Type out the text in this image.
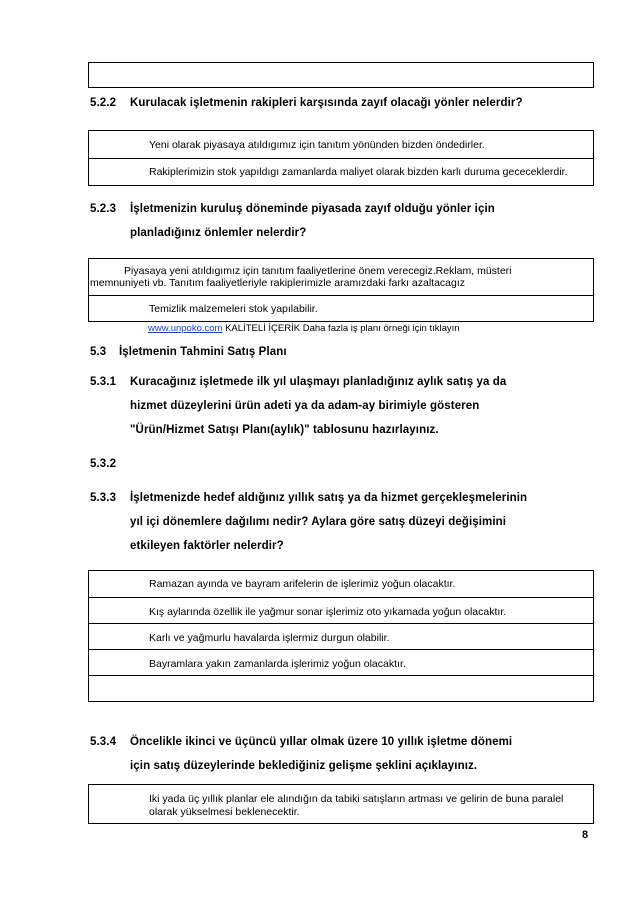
5.2.2 Kurulacak işletmenin rakipleri karşısında zayıf olacağı yönler nelerdir?
Yeni olarak piyasaya atıldıgımız için tanıtım yönünden bizden öndedirler.
Rakiplerimizin stok yapıldıgı zamanlarda maliyet olarak bizden karlı duruma gececeklerdir.
5.2.3 İşletmenizin kuruluş döneminde piyasada zayıf olduğu yönler için
planladığınız önlemler nelerdir?
Piyasaya yeni atıldıgımız için tanıtım faaliyetlerine önem verecegiz.Reklam, müsteri
memnuniyeti vb. Tanıtım faaliyetleriyle rakiplerimizle aramızdaki farkı azaltacagız
Temizlik malzemeleri stok yapılabilir.
www.unpoko.com KALİTELİ İÇERİK Daha fazla iş planı örneği için tıklayın
5.3 İşletmenin Tahmini Satış Planı
5.3.1 Kuracağınız işletmede ilk yıl ulaşmayı planladığınız aylık satış ya da
hizmet düzeylerini ürün adeti ya da adam-ay birimiyle gösteren
"Ürün/Hizmet Satışı Planı(aylık)" tablosunu hazırlayınız.
5.3.2
5.3.3 İşletmenizde hedef aldığınız yıllık satış ya da hizmet gerçekleşmelerinin
yıl içi dönemlere dağılımı nedir? Aylara göre satış düzeyi değişimini
etkileyen faktörler nelerdir?
Ramazan ayında ve bayram arifelerin de işlerimiz yoğun olacaktır.
Kış aylarında özellik ile yağmur sonar işlerimiz oto yıkamada yoğun olacaktır.
Karlı ve yağmurlu havalarda işlermiz durgun olabilir.
Bayramlara yakın zamanlarda işlerimiz yoğun olacaktır.
5.3.4 Öncelikle ikinci ve üçüncü yıllar olmak üzere 10 yıllık işletme dönemi
için satış düzeylerinde beklediğiniz gelişme şeklini açıklayınız.
Iki yada üç yıllık planlar ele alındığın da tabiki satışların artması ve gelirin de buna paralel
olarak yükselmesi beklenecektir.
8
